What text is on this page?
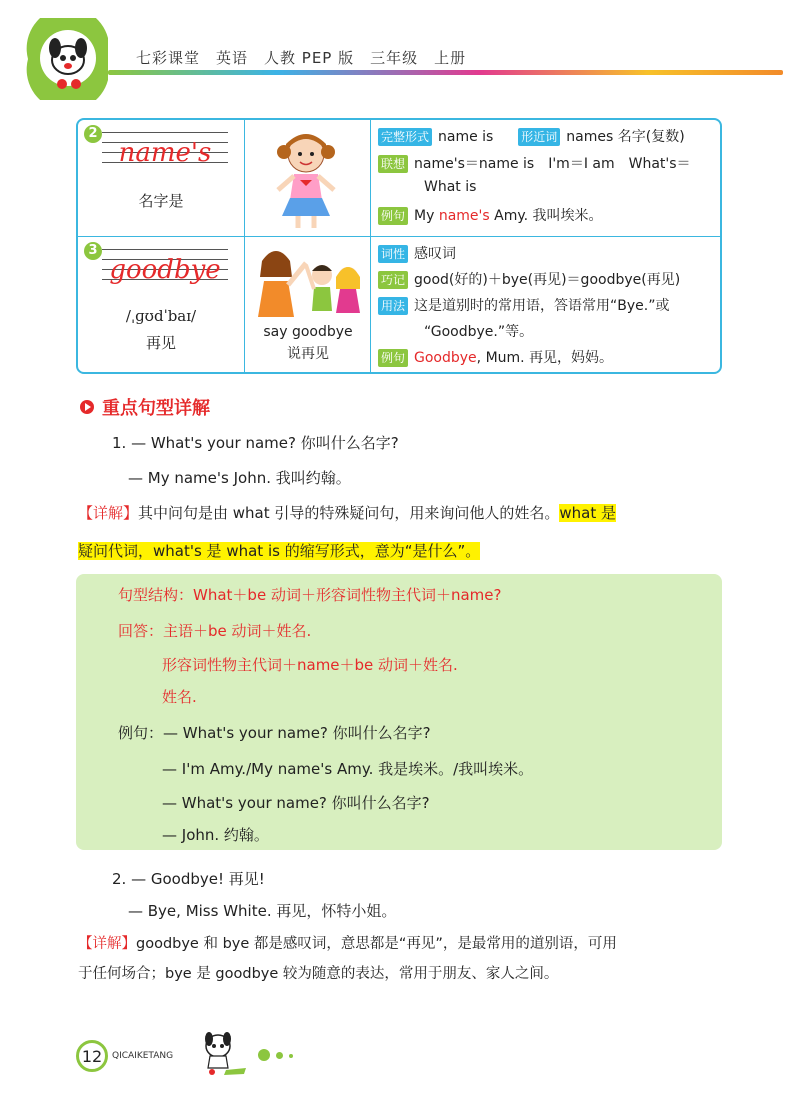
七彩课堂　英语　人教 PEP 版　三年级　上册
2
name's
名字是
完整形式 name is 形近词 names 名字(复数)
联想 name's＝name is　I'm＝I am　What's＝
What is
例句 My name's Amy. 我叫埃米。
3
goodbye
/ˌɡʊdˈbaɪ/
再见
say goodbye
说再见
词性 感叹词
巧记 good(好的)＋bye(再见)＝goodbye(再见)
用法 这是道别时的常用语，答语常用“Bye.”或
“Goodbye.”等。
例句 Goodbye, Mum. 再见，妈妈。
重点句型详解
1. — What's your name? 你叫什么名字?
— My name's John. 我叫约翰。
【详解】其中问句是由 what 引导的特殊疑问句，用来询问他人的姓名。what 是
疑问代词，what's 是 what is 的缩写形式，意为“是什么”。
句型结构：What＋be 动词＋形容词性物主代词＋name?
回答：主语＋be 动词＋姓名.
形容词性物主代词＋name＋be 动词＋姓名.
姓名.
例句：— What's your name? 你叫什么名字?
— I'm Amy./My name's Amy. 我是埃米。/我叫埃米。
— What's your name? 你叫什么名字?
— John. 约翰。
2. — Goodbye! 再见!
— Bye, Miss White. 再见，怀特小姐。
【详解】goodbye 和 bye 都是感叹词，意思都是“再见”，是最常用的道别语，可用
于任何场合；bye 是 goodbye 较为随意的表达，常用于朋友、家人之间。
12	QICAIKETANG
